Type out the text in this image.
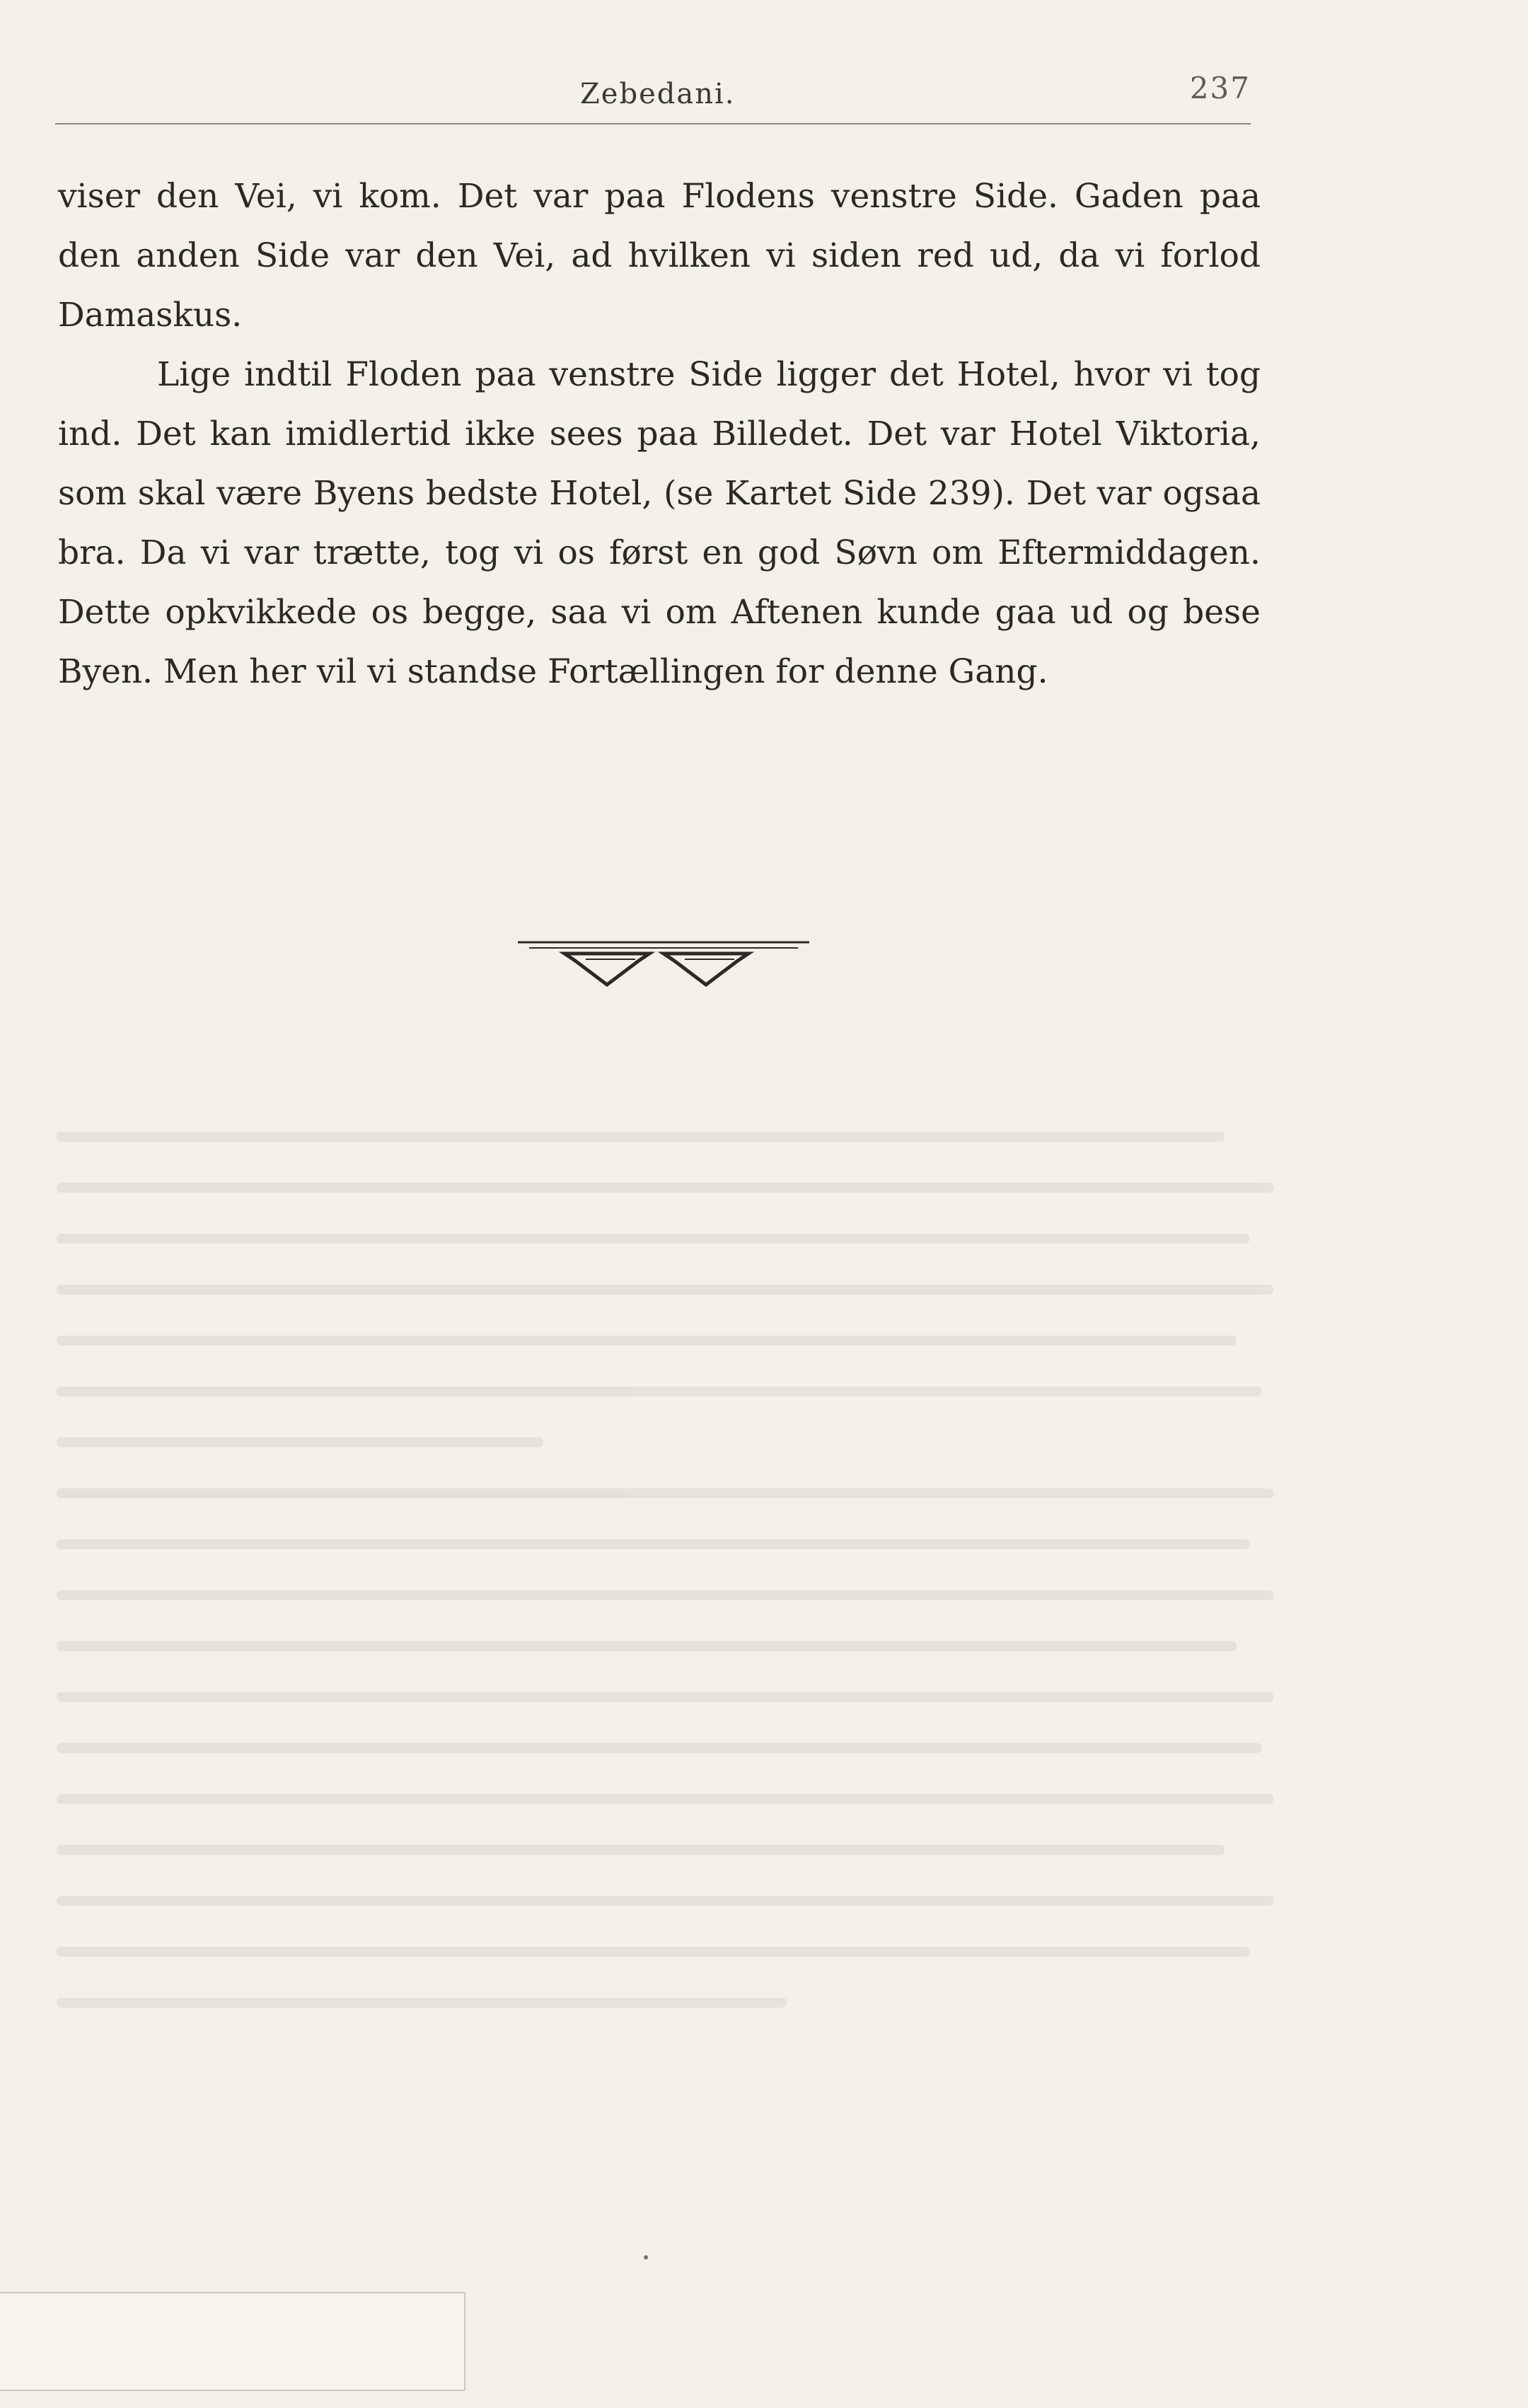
Zebedani.	237

viser den Vei, vi kom. Det var paa Flodens venstre Side. Gaden paa den anden Side var den Vei, ad hvilken vi siden red ud, da vi forlod Damaskus.

Lige indtil Floden paa venstre Side ligger det Hotel, hvor vi tog ind. Det kan imidlertid ikke sees paa Billedet. Det var Hotel Viktoria, som skal være Byens bedste Hotel, (se Kartet Side 239). Det var ogsaa bra. Da vi var trætte, tog vi os først en god Søvn om Eftermiddagen. Dette opkvikkede os begge, saa vi om Aftenen kunde gaa ud og bese Byen. Men her vil vi standse Fortællingen for denne Gang.
